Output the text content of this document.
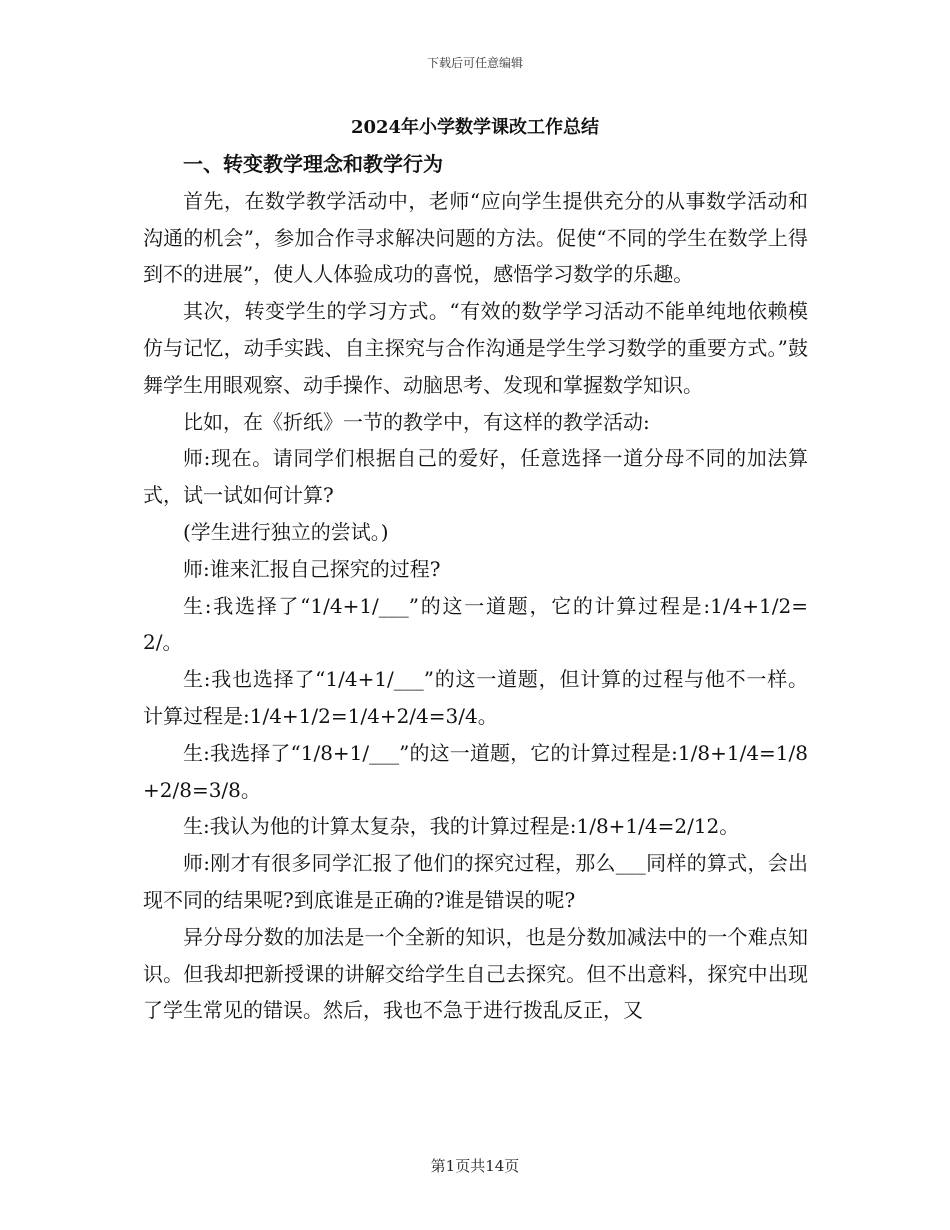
下载后可任意编辑
2024年小学数学课改工作总结
一、转变教学理念和教学行为

首先，在数学教学活动中，老师“应向学生提供充分的从事数学活动和沟通的机会”，参加合作寻求解决问题的方法。促使“不同的学生在数学上得到不的进展”，使人人体验成功的喜悦，感悟学习数学的乐趣。

其次，转变学生的学习方式。“有效的数学学习活动不能单纯地依赖模仿与记忆，动手实践、自主探究与合作沟通是学生学习数学的重要方式。”鼓舞学生用眼观察、动手操作、动脑思考、发现和掌握数学知识。

比如，在《折纸》一节的教学中，有这样的教学活动:

师:现在。请同学们根据自己的爱好，任意选择一道分母不同的加法算式，试一试如何计算?

(学生进行独立的尝试。)

师:谁来汇报自己探究的过程?

生:我选择了“1/4+1/___”的这一道题，它的计算过程是:1/4+1/2=2/。

生:我也选择了“1/4+1/___”的这一道题，但计算的过程与他不一样。计算过程是:1/4+1/2=1/4+2/4=3/4。

生:我选择了“1/8+1/___”的这一道题，它的计算过程是:1/8+1/4=1/8+2/8=3/8。

生:我认为他的计算太复杂，我的计算过程是:1/8+1/4=2/12。

师:刚才有很多同学汇报了他们的探究过程，那么___同样的算式，会出现不同的结果呢?到底谁是正确的?谁是错误的呢?

异分母分数的加法是一个全新的知识，也是分数加减法中的一个难点知识。但我却把新授课的讲解交给学生自己去探究。但不出意料，探究中出现了学生常见的错误。然后，我也不急于进行拨乱反正，又

第1页共14页
